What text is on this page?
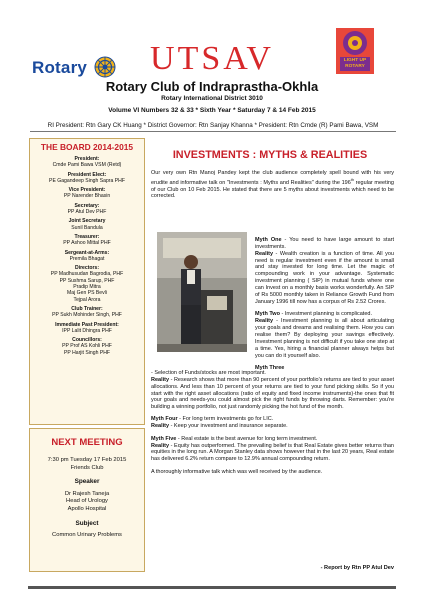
Rotary	UTSAV
Rotary Club of Indraprastha-Okhla
Rotary International District 3010
Volume VI Numbers 32 & 33 * Sixth Year * Saturday 7 & 14 Feb 2015
RI President: Rtn Gary CK Huang * District Governor: Rtn Sanjay Khanna * President: Rtn Cmde (R) Pami Bawa, VSM
LIGHT UP
ROTARY
THE BOARD 2014-2015
President:
Cmde Pami Bawa VSM (Retd)
President Elect:
PE Gagandeep Singh Sapra PHF
Vice President:
PP Narender Bhasin
Secretary:
PP Atul Dev PHF
Joint Secretary
Sunil Bandula
Treasurer:
PP Ashoo Mittal PHF
Sergeant-at-Arms:
Premila Bhagat
Directors:
PP Madhusudan Bagrodia, PHF
PP Sushma Sarup, PHF
Pradip Mitra
Maj Gen PS Bevli
Tejpal Arora
Club Trainer:
PP Sukh Mohinder Singh, PHF
Immediate Past President:
IPP Lalit Dhingra PHF
Councillors:
PP Prof AS Kohli PHF
PP Harjit Singh PHF
NEXT MEETING
7:30 pm Tuesday 17 Feb 2015
Friends Club
Speaker
Dr Rajesh Taneja
Head of Urology
Apollo Hospital
Subject
Common Urinary Problems
INVESTMENTS : MYTHS & REALITIES
Our very own Rtn Manoj Pandey kept the club audience completely spell bound with his very erudite and informative talk on "Investments : Myths and Realities" during the 196th regular meeting of our Club on 10 Feb 2015. He stated that there are 5 myths about investments which need to be corrected.
Myth One - You need to have large amount to start investments.
Reality - Wealth creation is a function of time. All you need is regular investment even if the amount is small and stay invested for long time. Let the magic of compounding work in your advantage. Systematic investment planning ( SIP) in mutual funds where one can Invest on a monthly basis works wonderfully. An SIP of Rs 5000 monthly taken in Reliance Growth Fund from January 1996 till now has a corpus of Rs 2.52 Crores.
Myth Two - Investment planning is complicated.
Reality - Investment planning is all about articulating your goals and dreams and realising them. How you can realise them? By deploying your savings effectively. Investment planning is not difficult if you take one step at a time. Yes, hiring a financial planner always helps but you can do it yourself also.
Myth Three
- Selection of Funds/stocks are most important.
Reality - Research shows that more than 90 percent of your portfolio's returns are tied to your asset allocations. And less than 10 percent of your returns are tied to your fund picking skills. So if you start with the right asset allocations (ratio of equity and fixed income instruments)-the ones that fit your goals and needs-you could almost pick the right funds by throwing darts. Remember: you're building a winning portfolio, not just randomly picking the hot fund of the month.
Myth Four - For long term investments go for LIC.
Reality - Keep your investment and insurance separate.
Myth Five - Real estate is the best avenue for long term investment.
Reality - Equity has outperformed. The prevailing belief is that Real Estate gives better returns than equities in the long run. A Morgan Stanley data shows however that in the last 20 years, Real estate has delivered 6.2% return compare to 12.9% annual compounding return.
A thoroughly informative talk which was well received by the audience.
- Report by Rtn PP Atul Dev
